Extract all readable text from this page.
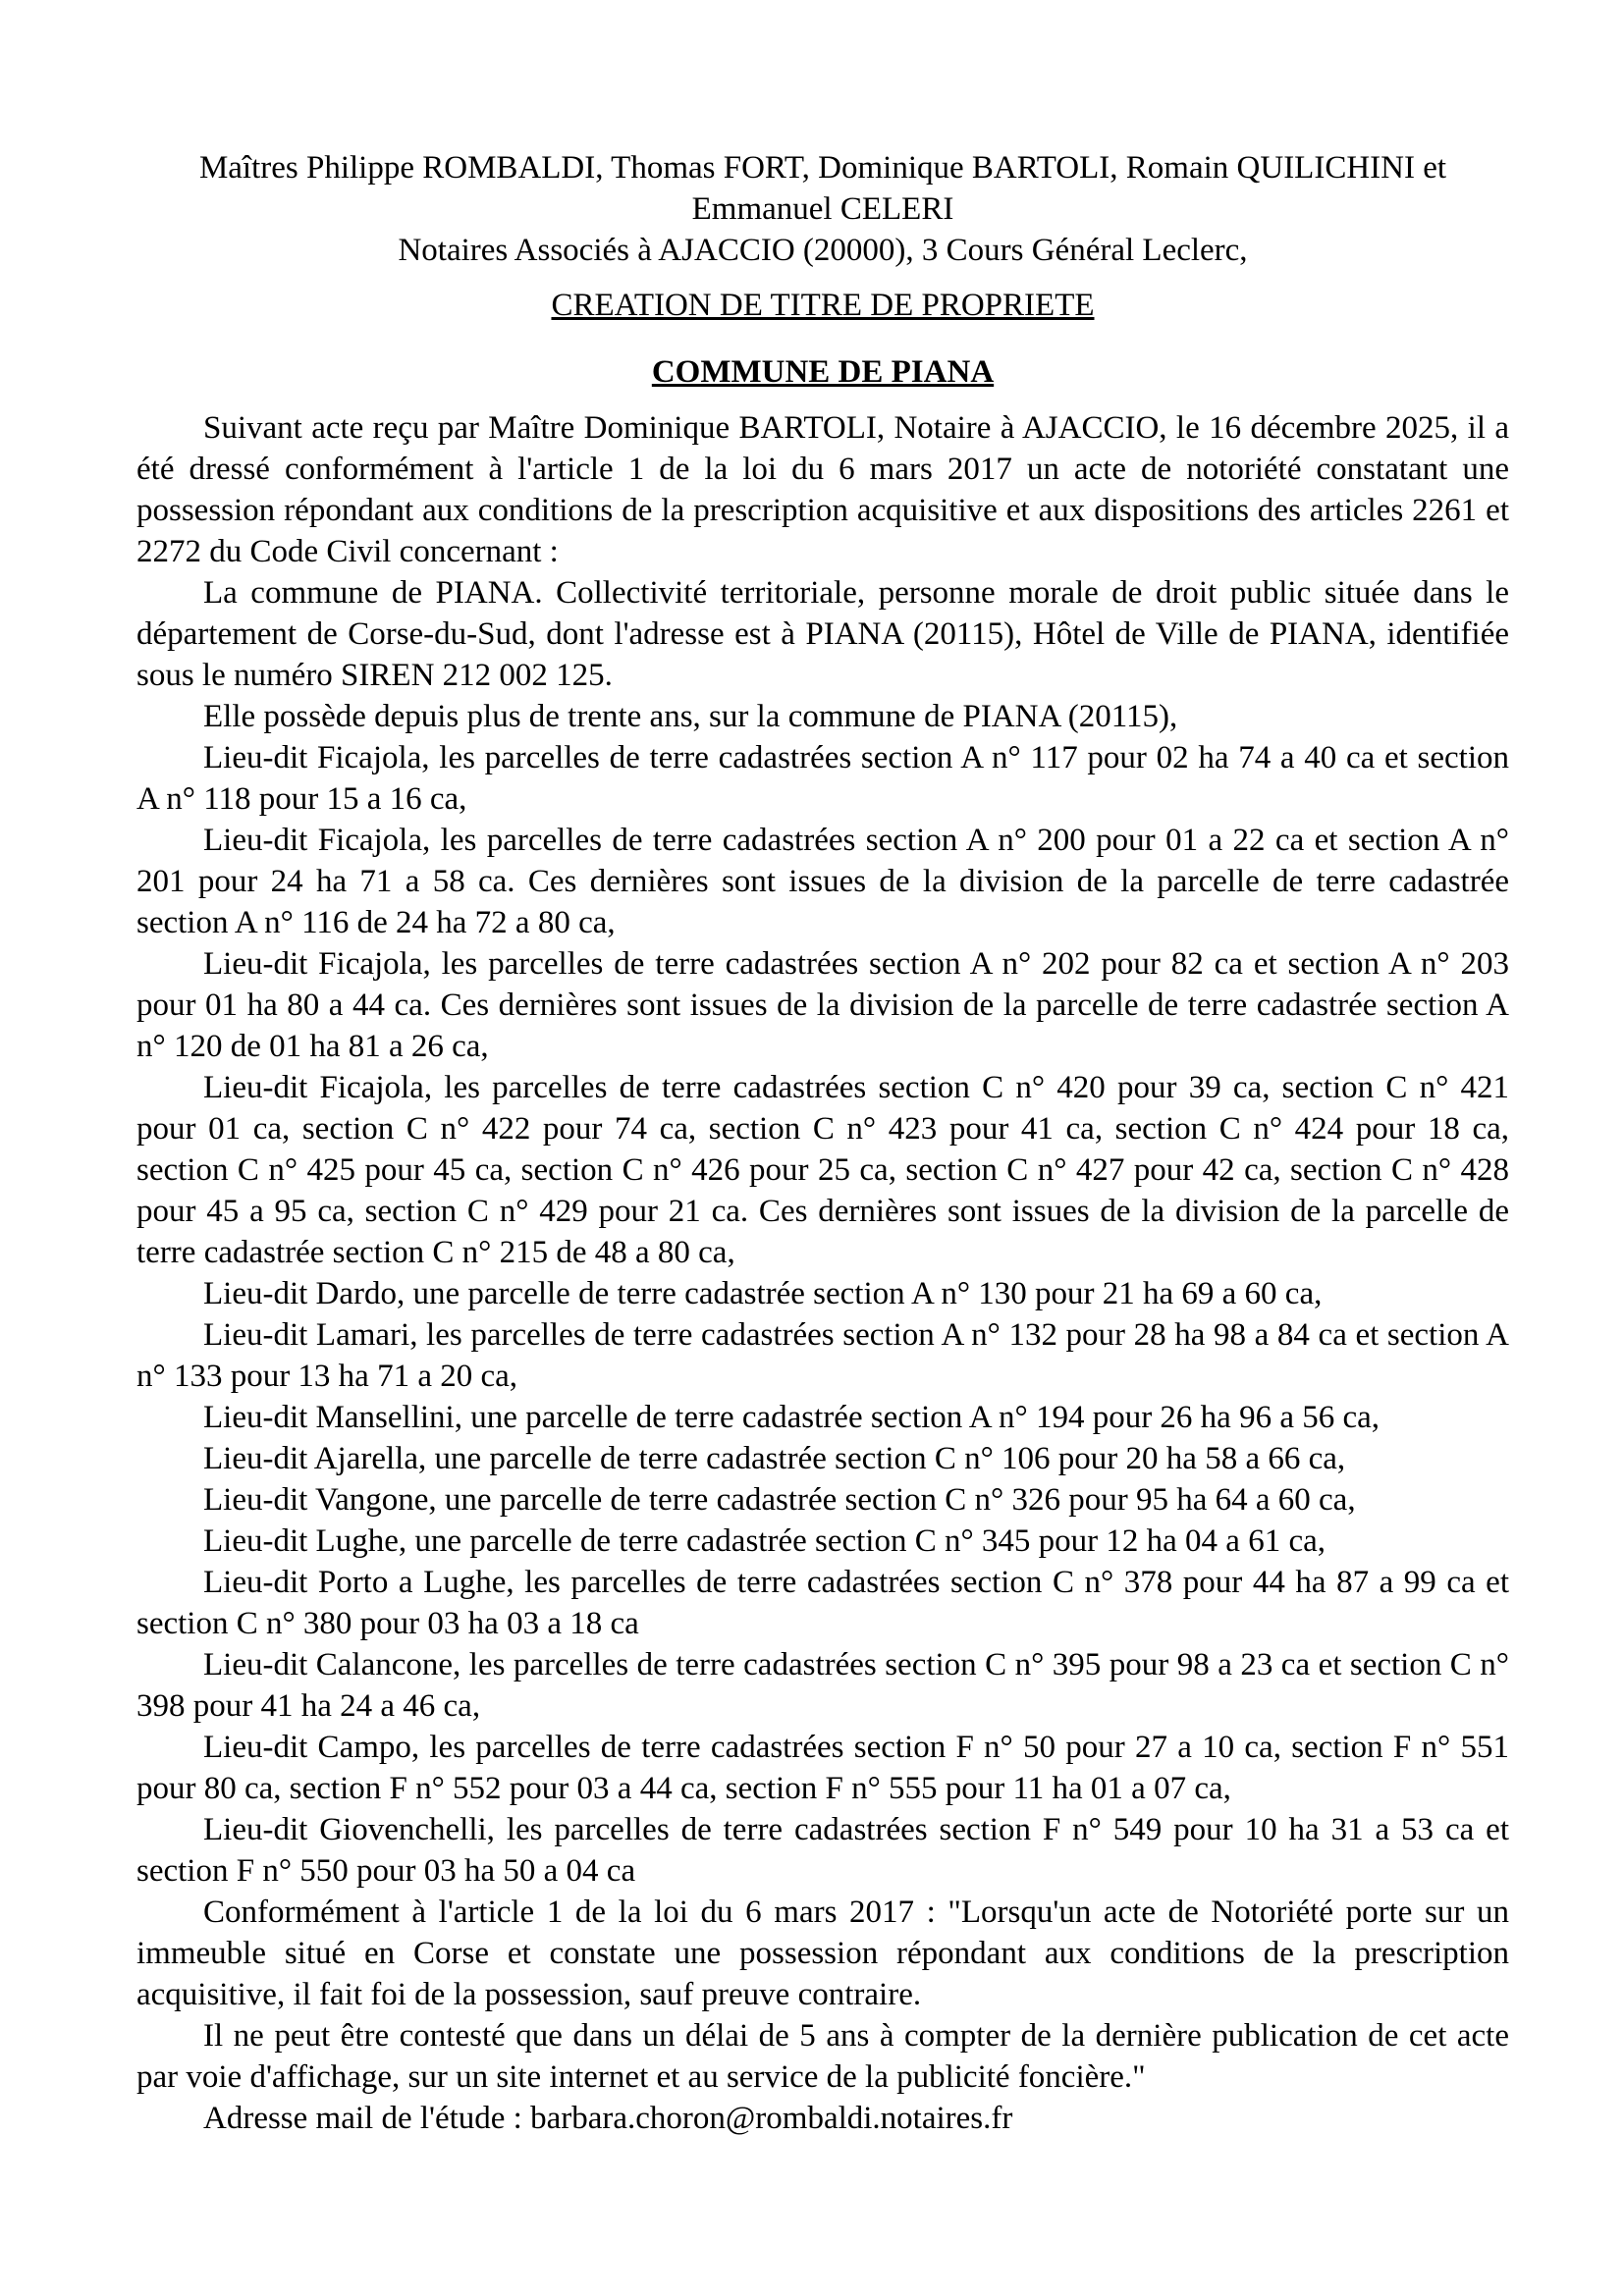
Maîtres Philippe ROMBALDI, Thomas FORT, Dominique BARTOLI, Romain QUILICHINI et Emmanuel CELERI

Notaires Associés à AJACCIO (20000), 3 Cours Général Leclerc,

CREATION DE TITRE DE PROPRIETE

COMMUNE DE PIANA

Suivant acte reçu par Maître Dominique BARTOLI, Notaire à AJACCIO, le 16 décembre 2025, il a été dressé conformément à l'article 1 de la loi du 6 mars 2017 un acte de notoriété constatant une possession répondant aux conditions de la prescription acquisitive et aux dispositions des articles 2261 et 2272 du Code Civil concernant :

La commune de PIANA. Collectivité territoriale, personne morale de droit public située dans le département de Corse-du-Sud, dont l'adresse est à PIANA (20115), Hôtel de Ville de PIANA, identifiée sous le numéro SIREN 212 002 125.

Elle possède depuis plus de trente ans, sur la commune de PIANA (20115),

Lieu-dit Ficajola, les parcelles de terre cadastrées section A n° 117 pour 02 ha 74 a 40 ca et section A n° 118 pour 15 a 16 ca,

Lieu-dit Ficajola, les parcelles de terre cadastrées section A n° 200 pour 01 a 22 ca et section A n° 201 pour 24 ha 71 a 58 ca. Ces dernières sont issues de la division de la parcelle de terre cadastrée section A n° 116 de 24 ha 72 a 80 ca,

Lieu-dit Ficajola, les parcelles de terre cadastrées section A n° 202 pour 82 ca et section A n° 203 pour 01 ha 80 a 44 ca. Ces dernières sont issues de la division de la parcelle de terre cadastrée section A n° 120 de 01 ha 81 a 26 ca,

Lieu-dit Ficajola, les parcelles de terre cadastrées section C n° 420 pour 39 ca, section C n° 421 pour 01 ca, section C n° 422 pour 74 ca, section C n° 423 pour 41 ca, section C n° 424 pour 18 ca, section C n° 425 pour 45 ca, section C n° 426 pour 25 ca, section C n° 427 pour 42 ca, section C n° 428 pour 45 a 95 ca, section C n° 429 pour 21 ca. Ces dernières sont issues de la division de la parcelle de terre cadastrée section C n° 215 de 48 a 80 ca,

Lieu-dit Dardo, une parcelle de terre cadastrée section A n° 130 pour 21 ha 69 a 60 ca,

Lieu-dit Lamari, les parcelles de terre cadastrées section A n° 132 pour 28 ha 98 a 84 ca et section A n° 133 pour 13 ha 71 a 20 ca,

Lieu-dit Mansellini, une parcelle de terre cadastrée section A n° 194 pour 26 ha 96 a 56 ca,

Lieu-dit Ajarella, une parcelle de terre cadastrée section C n° 106 pour 20 ha 58 a 66 ca,

Lieu-dit Vangone, une parcelle de terre cadastrée section C n° 326 pour 95 ha 64 a 60 ca,

Lieu-dit Lughe, une parcelle de terre cadastrée section C n° 345 pour 12 ha 04 a 61 ca,

Lieu-dit Porto a Lughe, les parcelles de terre cadastrées section C n° 378 pour 44 ha 87 a 99 ca et section C n° 380 pour 03 ha 03 a 18 ca

Lieu-dit Calancone, les parcelles de terre cadastrées section C n° 395 pour 98 a 23 ca et section C n° 398 pour 41 ha 24 a 46 ca,

Lieu-dit Campo, les parcelles de terre cadastrées section F n° 50 pour 27 a 10 ca, section F n° 551 pour 80 ca, section F n° 552 pour 03 a 44 ca, section F n° 555 pour 11 ha 01 a 07 ca,

Lieu-dit Giovenchelli, les parcelles de terre cadastrées section F n° 549 pour 10 ha 31 a 53 ca et section F n° 550 pour 03 ha 50 a 04 ca

Conformément à l'article 1 de la loi du 6 mars 2017 : "Lorsqu'un acte de Notoriété porte sur un immeuble situé en Corse et constate une possession répondant aux conditions de la prescription acquisitive, il fait foi de la possession, sauf preuve contraire.

Il ne peut être contesté que dans un délai de 5 ans à compter de la dernière publication de cet acte par voie d'affichage, sur un site internet et au service de la publicité foncière."

Adresse mail de l'étude : barbara.choron@rombaldi.notaires.fr
